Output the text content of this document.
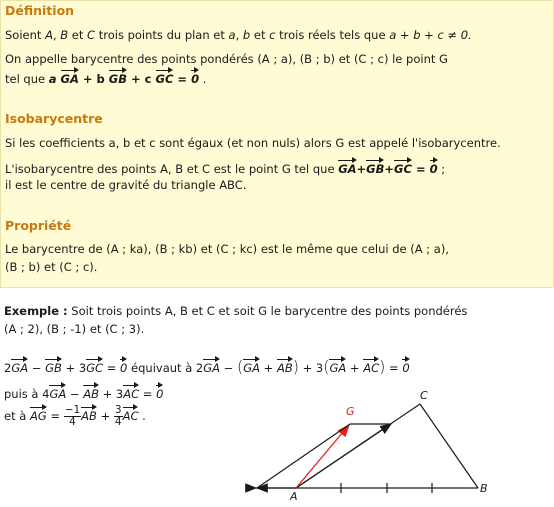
Définition
Soient A, B et C trois points du plan et a, b et c trois réels tels que a + b + c ≠ 0.
On appelle barycentre des points pondérés (A ; a), (B ; b) et (C ; c) le point G
tel que a GA + b GB + c GC = 0 .
Isobarycentre
Si les coefficients a, b et c sont égaux (et non nuls) alors G est appelé l'isobarycentre.
L'isobarycentre des points A, B et C est le point G tel que GA+GB+GC = 0 ;
il est le centre de gravité du triangle ABC.
Propriété
Le barycentre de (A ; ka), (B ; kb) et (C ; kc) est le même que celui de (A ; a),
(B ; b) et (C ; c).
Exemple : Soit trois points A, B et C et soit G le barycentre des points pondérés
(A ; 2), (B ; -1) et (C ; 3).
2GA − GB + 3GC = 0 équivaut à 2GA − (GA + AB) + 3(GA + AC) = 0
puis à 4GA − AB + 3AC = 0
et à AG = $\frac{-1}{4}$ AB + $\frac{3}{4}$ AC .
A
B
C
G
